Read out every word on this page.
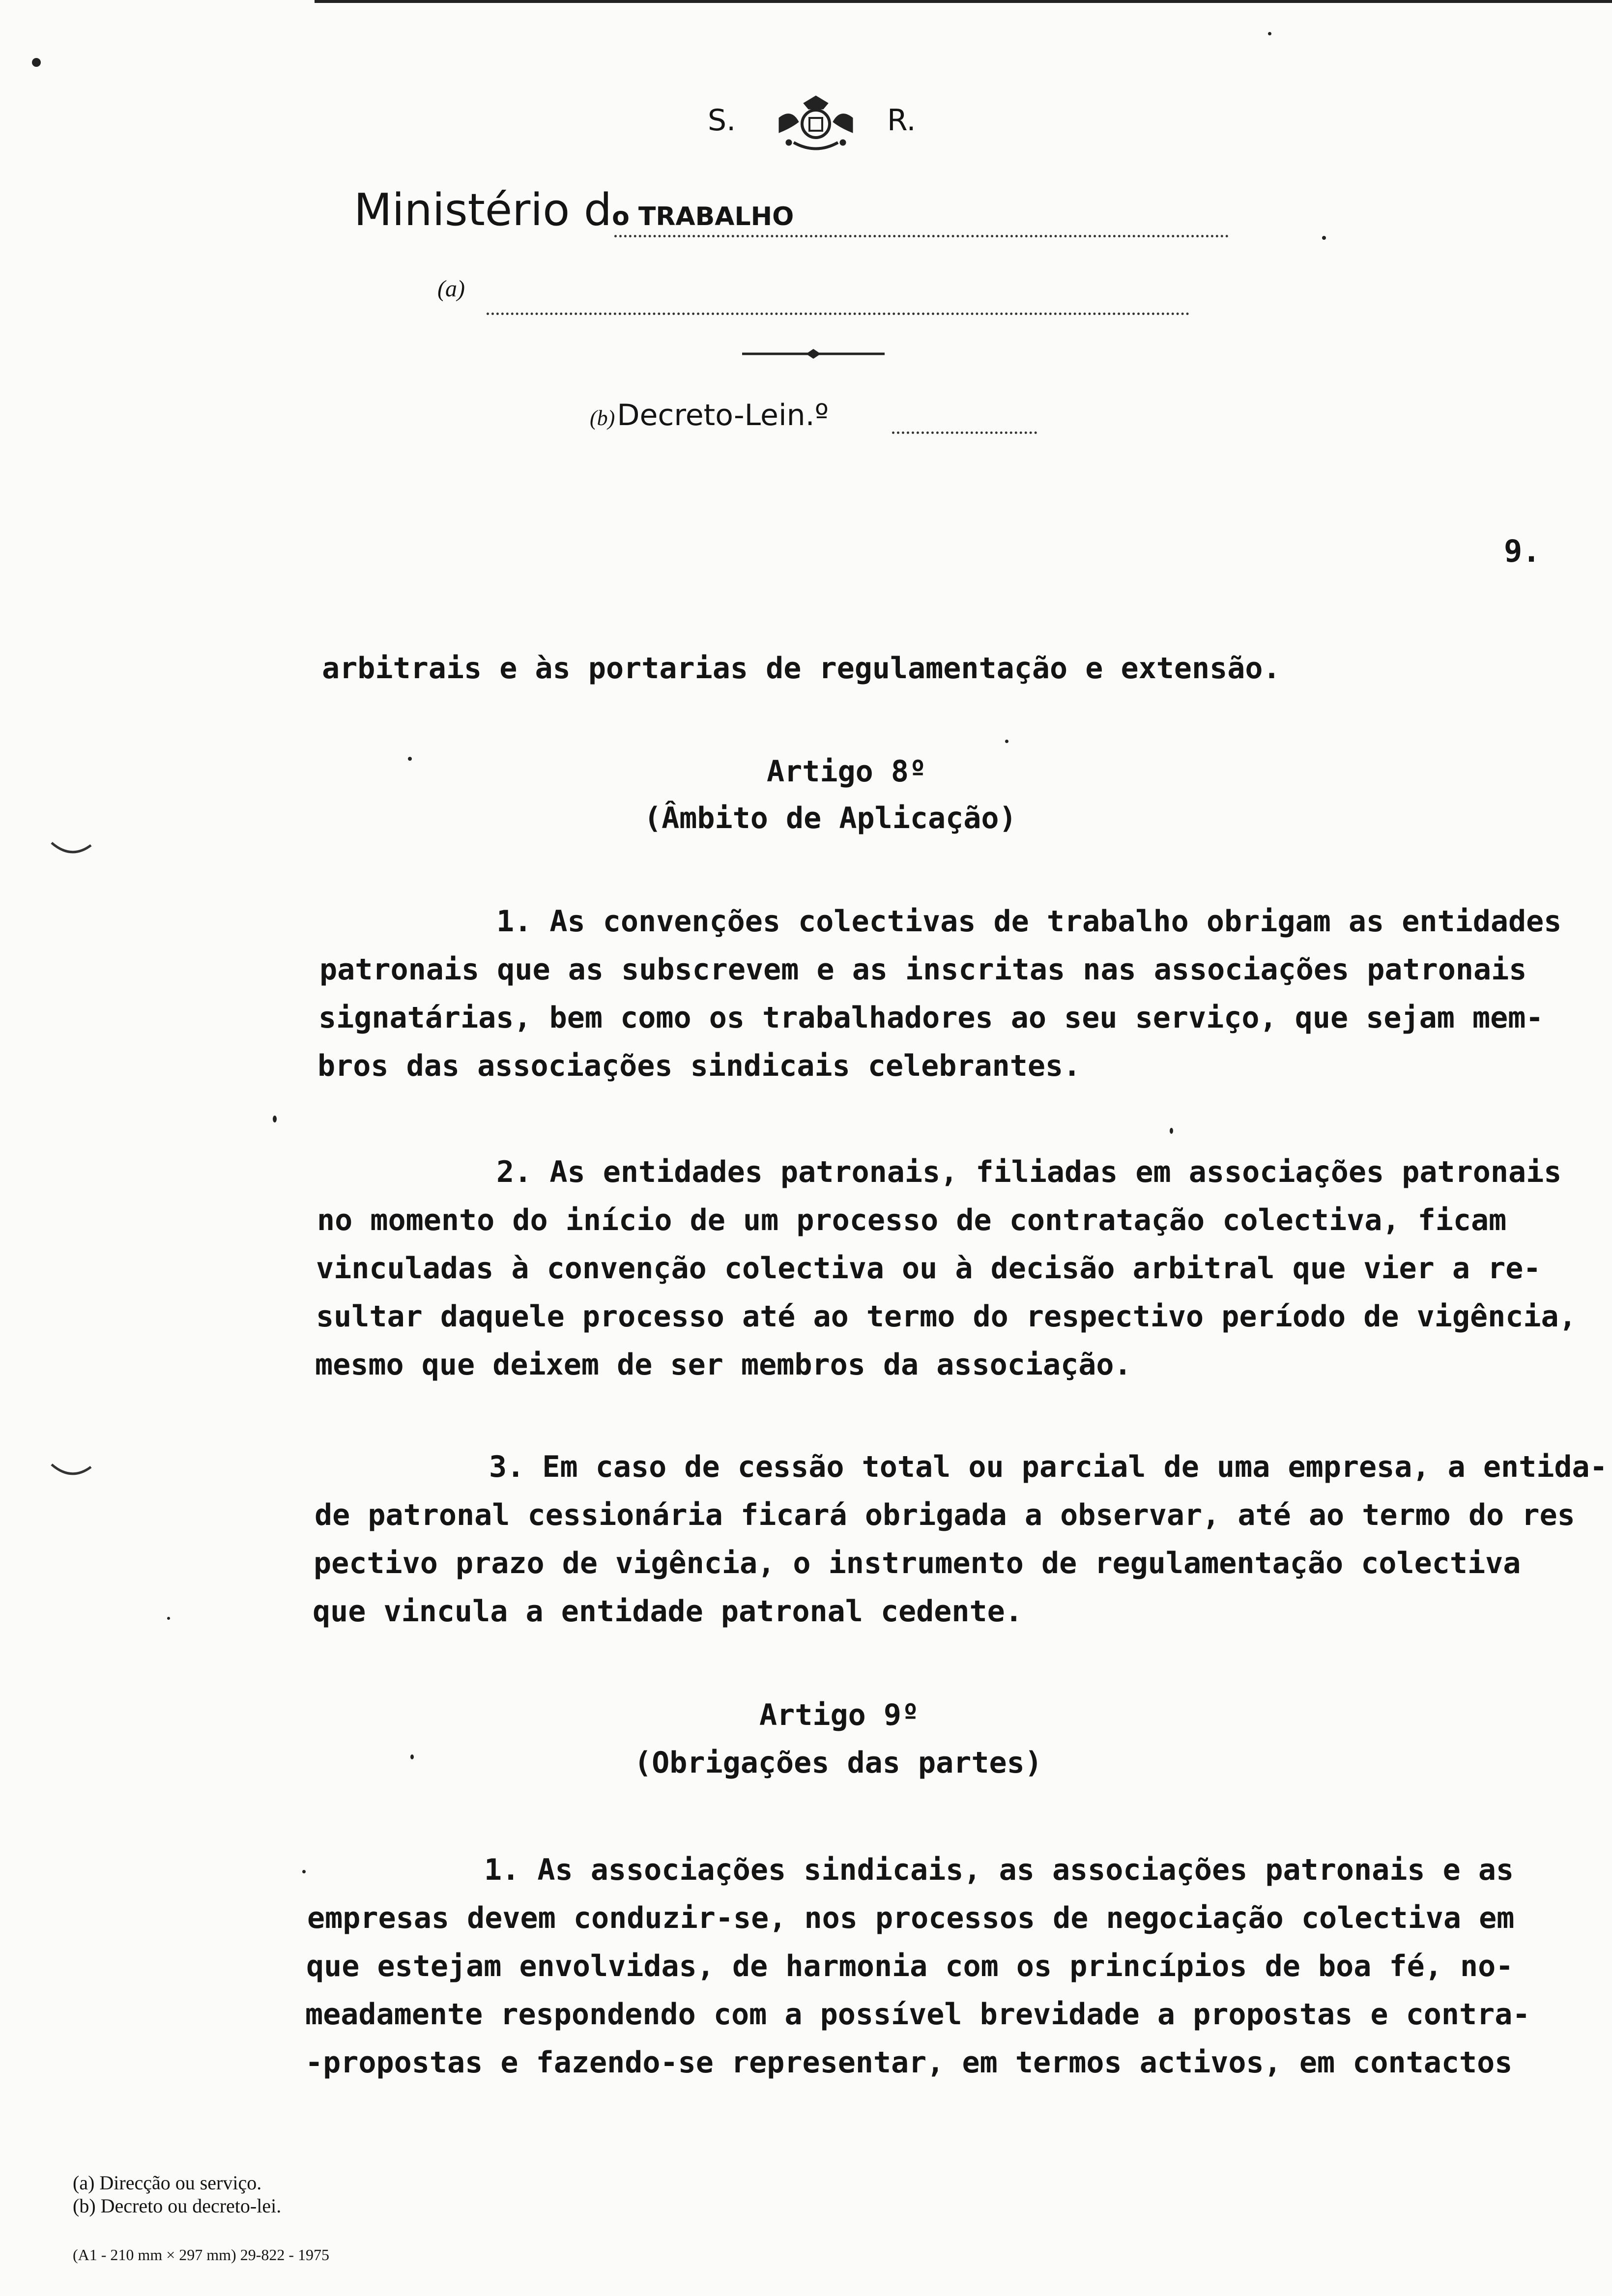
S.	R.
Ministério do TRABALHO
(a)
(b) Decreto-Lein.º
9.
arbitrais e às portarias de regulamentação e extensão.
Artigo 8º
(Âmbito de Aplicação)
1. As convenções colectivas de trabalho obrigam as entidades
patronais que as subscrevem e as inscritas nas associações patronais
signatárias, bem como os trabalhadores ao seu serviço, que sejam mem-
bros das associações sindicais celebrantes.
2. As entidades patronais, filiadas em associações patronais
no momento do início de um processo de contratação colectiva, ficam
vinculadas à convenção colectiva ou à decisão arbitral que vier a re-
sultar daquele processo até ao termo do respectivo período de vigência,
mesmo que deixem de ser membros da associação.
3. Em caso de cessão total ou parcial de uma empresa, a entida-
de patronal cessionária ficará obrigada a observar, até ao termo do res
pectivo prazo de vigência, o instrumento de regulamentação colectiva
que vincula a entidade patronal cedente.
Artigo 9º
(Obrigações das partes)
1. As associações sindicais, as associações patronais e as
empresas devem conduzir-se, nos processos de negociação colectiva em
que estejam envolvidas, de harmonia com os princípios de boa fé, no-
meadamente respondendo com a possível brevidade a propostas e contra-
-propostas e fazendo-se representar, em termos activos, em contactos
(a) Direcção ou serviço.
(b) Decreto ou decreto-lei.
(A1 - 210 mm × 297 mm) 29-822 - 1975
